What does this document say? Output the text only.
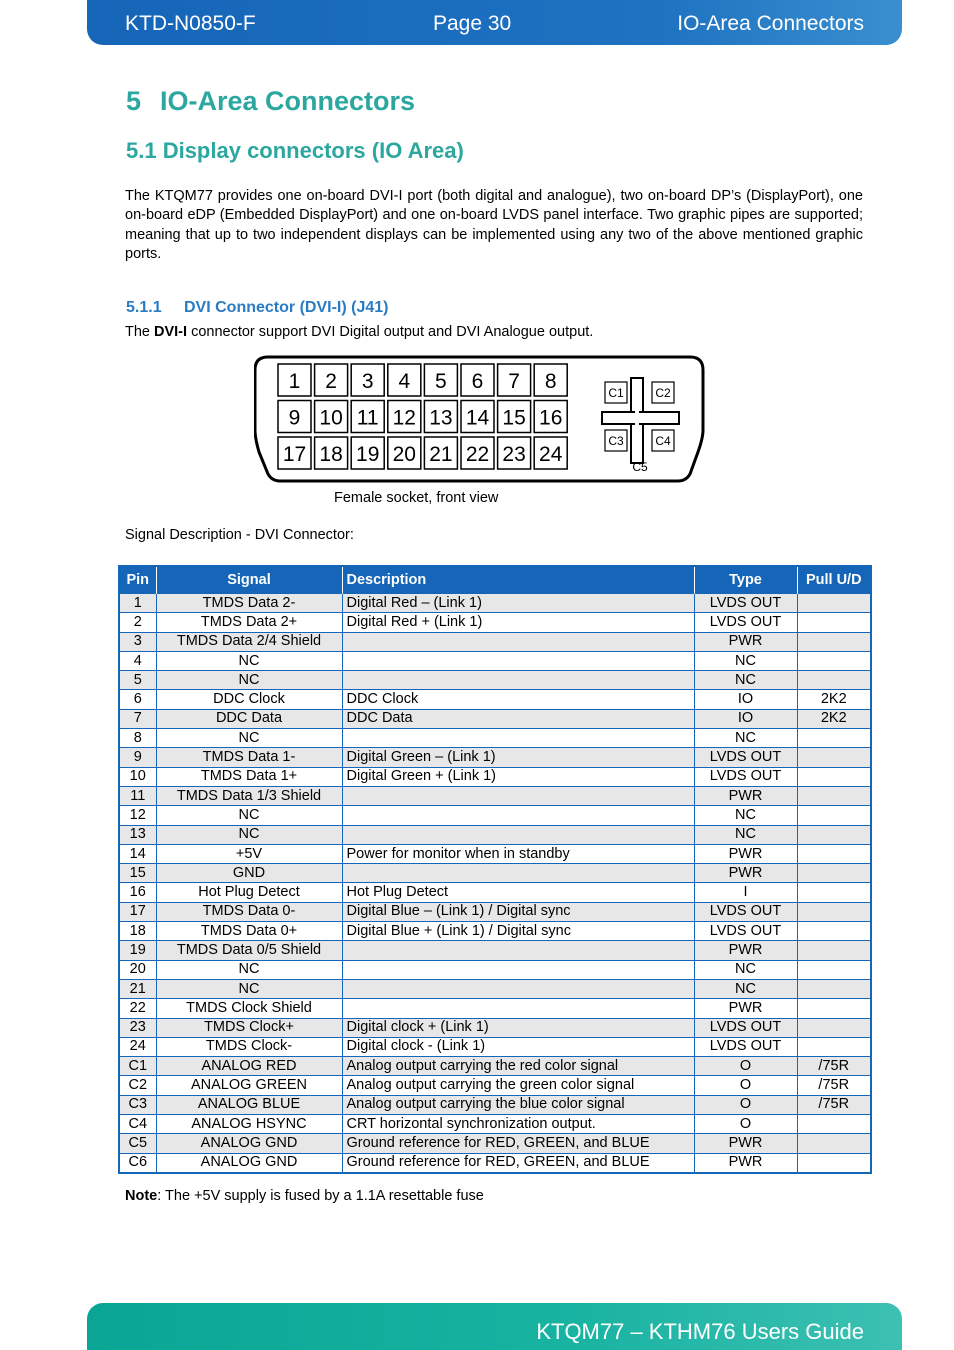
KTD-N0850-F	Page 30	IO-Area Connectors
5 IO-Area Connectors
5.1 Display connectors (IO Area)

The KTQM77 provides one on-board DVI-I port (both digital and analogue), two on-board DP’s (DisplayPort), one on-board eDP (Embedded DisplayPort) and one on-board LVDS panel interface. Two graphic pipes are supported; meaning that up to two independent displays can be implemented using any two of the above mentioned graphic ports.

5.1.1 DVI Connector (DVI-I) (J41)

The DVI-I connector support DVI Digital output and DVI Analogue output.

1 2 3 4 5 6 7 8
9 10 11 12 13 14 15 16
17 18 19 20 21 22 23 24
C1	C2
C3	C4
C5
Female socket, front view
Signal Description - DVI Connector:
Pin	Signal	Description	Type	Pull U/D
1	TMDS Data 2-	Digital Red – (Link 1)	LVDS OUT	
2	TMDS Data 2+	Digital Red + (Link 1)	LVDS OUT	
3	TMDS Data 2/4 Shield		PWR	
4	NC		NC	
5	NC		NC	
6	DDC Clock	DDC Clock	IO	2K2
7	DDC Data	DDC Data	IO	2K2
8	NC		NC	
9	TMDS Data 1-	Digital Green – (Link 1)	LVDS OUT	
10	TMDS Data 1+	Digital Green + (Link 1)	LVDS OUT	
11	TMDS Data 1/3 Shield		PWR	
12	NC		NC	
13	NC		NC	
14	+5V	Power for monitor when in standby	PWR	
15	GND		PWR	
16	Hot Plug Detect	Hot Plug Detect	I	
17	TMDS Data 0-	Digital Blue – (Link 1) / Digital sync	LVDS OUT	
18	TMDS Data 0+	Digital Blue + (Link 1) / Digital sync	LVDS OUT	
19	TMDS Data 0/5 Shield		PWR	
20	NC		NC	
21	NC		NC	
22	TMDS Clock Shield		PWR	
23	TMDS Clock+	Digital clock + (Link 1)	LVDS OUT	
24	TMDS Clock-	Digital clock - (Link 1)	LVDS OUT	
C1	ANALOG RED	Analog output carrying the red color signal	O	/75R
C2	ANALOG GREEN	Analog output carrying the green color signal	O	/75R
C3	ANALOG BLUE	Analog output carrying the blue color signal	O	/75R
C4	ANALOG HSYNC	CRT horizontal synchronization output.	O	
C5	ANALOG GND	Ground reference for RED, GREEN, and BLUE	PWR	
C6	ANALOG GND	Ground reference for RED, GREEN, and BLUE	PWR	
Note: The +5V supply is fused by a 1.1A resettable fuse
KTQM77 – KTHM76 Users Guide
